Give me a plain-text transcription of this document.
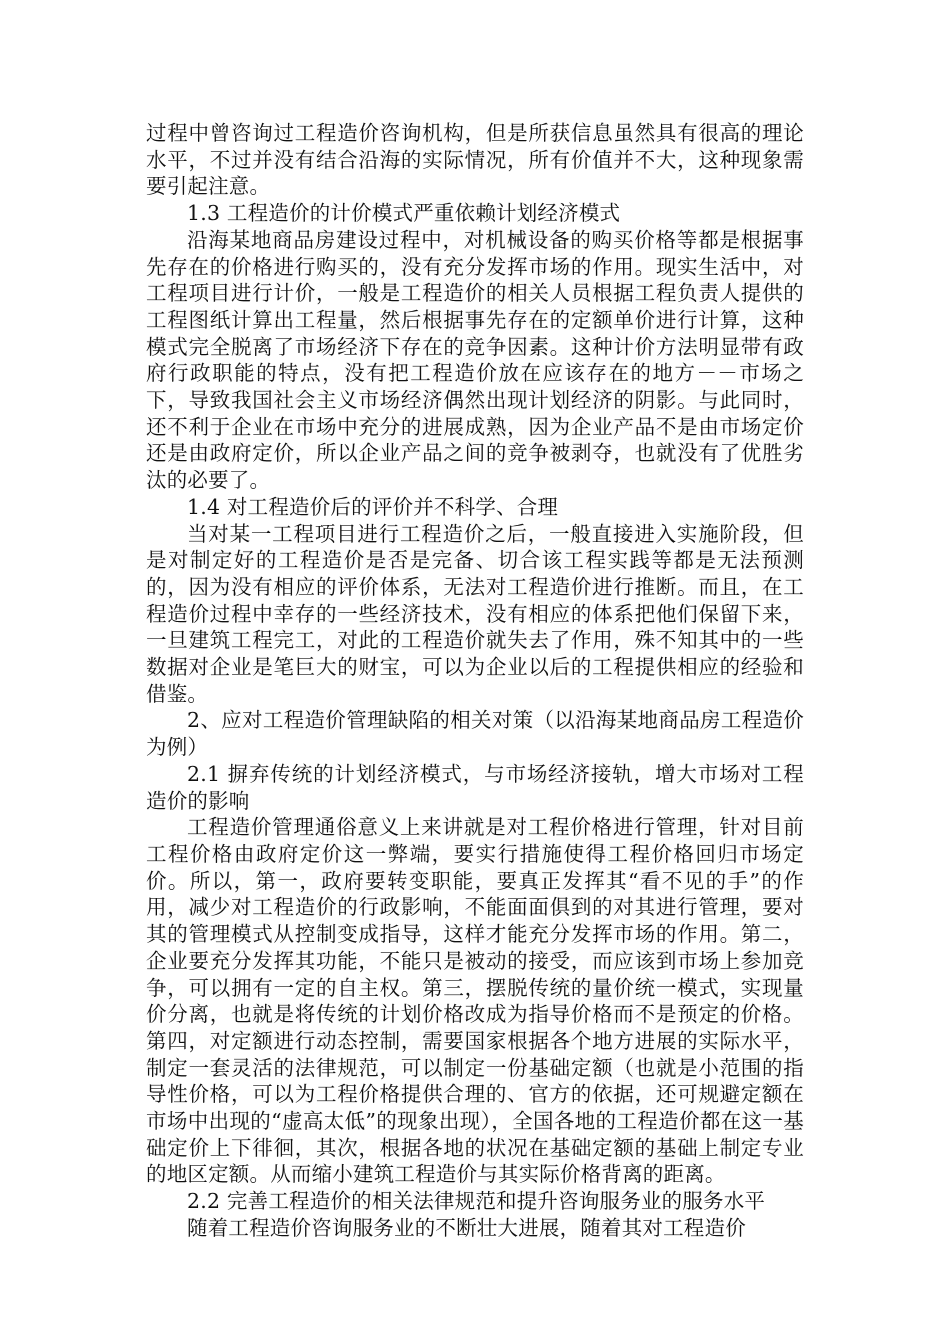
过程中曾咨询过工程造价咨询机构，但是所获信息虽然具有很高的理论水平，不过并没有结合沿海的实际情况，所有价值并不大，这种现象需要引起注意。

1.3 工程造价的计价模式严重依赖计划经济模式

沿海某地商品房建设过程中，对机械设备的购买价格等都是根据事先存在的价格进行购买的，没有充分发挥市场的作用。现实生活中，对工程项目进行计价，一般是工程造价的相关人员根据工程负责人提供的工程图纸计算出工程量，然后根据事先存在的定额单价进行计算，这种模式完全脱离了市场经济下存在的竞争因素。这种计价方法明显带有政府行政职能的特点，没有把工程造价放在应该存在的地方－－市场之下，导致我国社会主义市场经济偶然出现计划经济的阴影。与此同时，还不利于企业在市场中充分的进展成熟，因为企业产品不是由市场定价还是由政府定价，所以企业产品之间的竞争被剥夺，也就没有了优胜劣汰的必要了。

1.4 对工程造价后的评价并不科学、合理

当对某一工程项目进行工程造价之后，一般直接进入实施阶段，但是对制定好的工程造价是否是完备、切合该工程实践等都是无法预测的，因为没有相应的评价体系，无法对工程造价进行推断。而且，在工程造价过程中幸存的一些经济技术，没有相应的体系把他们保留下来，一旦建筑工程完工，对此的工程造价就失去了作用，殊不知其中的一些数据对企业是笔巨大的财宝，可以为企业以后的工程提供相应的经验和借鉴。

2、应对工程造价管理缺陷的相关对策（以沿海某地商品房工程造价为例）

2.1 摒弃传统的计划经济模式，与市场经济接轨，增大市场对工程造价的影响

工程造价管理通俗意义上来讲就是对工程价格进行管理，针对目前工程价格由政府定价这一弊端，要实行措施使得工程价格回归市场定价。所以，第一，政府要转变职能，要真正发挥其“看不见的手”的作用，减少对工程造价的行政影响，不能面面俱到的对其进行管理，要对其的管理模式从控制变成指导，这样才能充分发挥市场的作用。第二，企业要充分发挥其功能，不能只是被动的接受，而应该到市场上参加竞争，可以拥有一定的自主权。第三，摆脱传统的量价统一模式，实现量价分离，也就是将传统的计划价格改成为指导价格而不是预定的价格。第四，对定额进行动态控制，需要国家根据各个地方进展的实际水平，制定一套灵活的法律规范，可以制定一份基础定额（也就是小范围的指导性价格，可以为工程价格提供合理的、官方的依据，还可规避定额在市场中出现的“虚高太低”的现象出现），全国各地的工程造价都在这一基础定价上下徘徊，其次，根据各地的状况在基础定额的基础上制定专业的地区定额。从而缩小建筑工程造价与其实际价格背离的距离。

2.2 完善工程造价的相关法律规范和提升咨询服务业的服务水平

随着工程造价咨询服务业的不断壮大进展，随着其对工程造价
